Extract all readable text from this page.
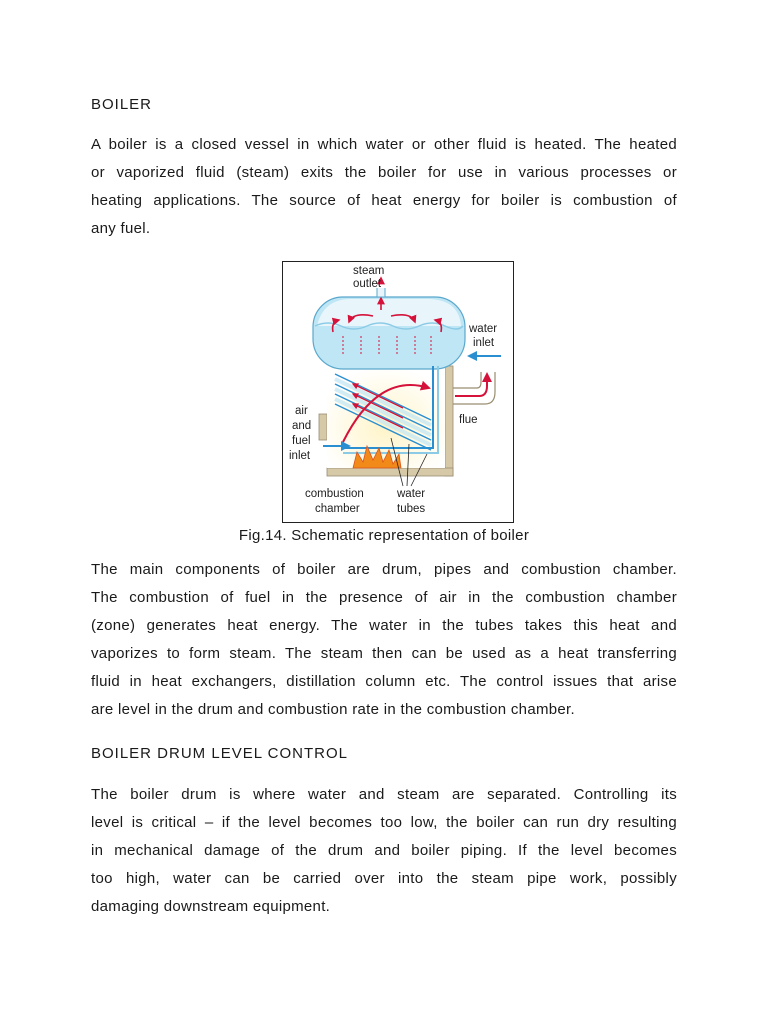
BOILER
A boiler is a closed vessel in which water or other fluid is heated. The heated
or vaporized fluid (steam) exits the boiler for use in various processes or
heating applications. The source of heat energy for boiler is combustion of
any fuel.
steam
outlet
water
inlet
flue
air
and
fuel
inlet
combustion
chamber
water
tubes
Fig.14. Schematic representation of boiler
The main components of boiler are drum, pipes and combustion chamber.
The combustion of fuel in the presence of air in the combustion chamber
(zone) generates heat energy. The water in the tubes takes this heat and
vaporizes to form steam. The steam then can be used as a heat transferring
fluid in heat exchangers, distillation column etc. The control issues that arise
are level in the drum and combustion rate in the combustion chamber.
BOILER DRUM LEVEL CONTROL
The boiler drum is where water and steam are separated. Controlling its
level is critical – if the level becomes too low, the boiler can run dry resulting
in mechanical damage of the drum and boiler piping. If the level becomes
too high, water can be carried over into the steam pipe work, possibly
damaging downstream equipment.
